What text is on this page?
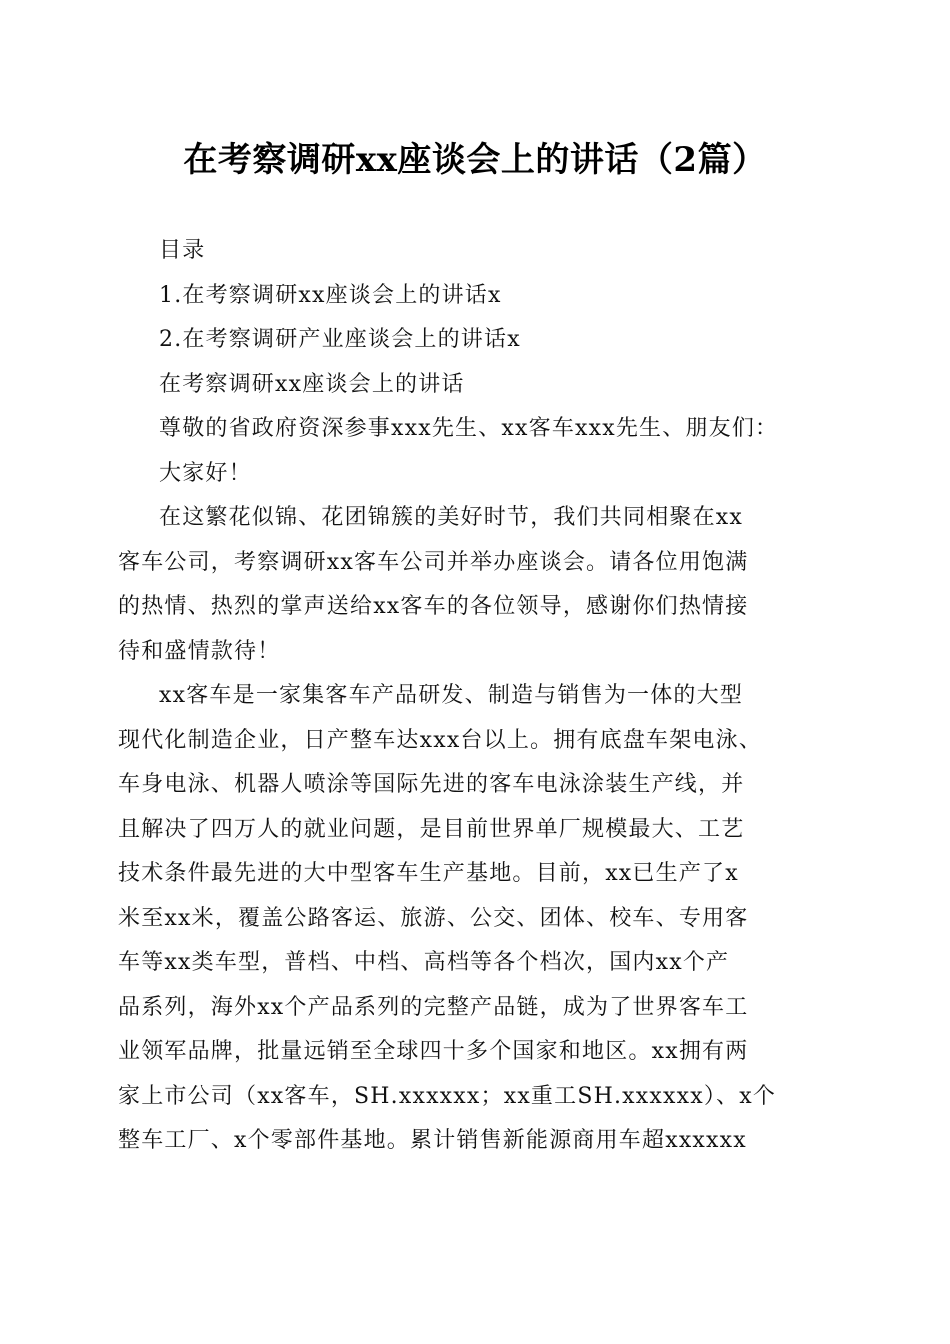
在考察调研xx座谈会上的讲话（2篇）
目录
1.在考察调研xx座谈会上的讲话x
2.在考察调研产业座谈会上的讲话x
在考察调研xx座谈会上的讲话
尊敬的省政府资深参事xxx先生、xx客车xxx先生、朋友们：
大家好！
在这繁花似锦、花团锦簇的美好时节，我们共同相聚在xx
客车公司，考察调研xx客车公司并举办座谈会。请各位用饱满
的热情、热烈的掌声送给xx客车的各位领导，感谢你们热情接
待和盛情款待！
xx客车是一家集客车产品研发、制造与销售为一体的大型
现代化制造企业，日产整车达xxx台以上。拥有底盘车架电泳、
车身电泳、机器人喷涂等国际先进的客车电泳涂装生产线，并
且解决了四万人的就业问题，是目前世界单厂规模最大、工艺
技术条件最先进的大中型客车生产基地。目前，xx已生产了x
米至xx米，覆盖公路客运、旅游、公交、团体、校车、专用客
车等xx类车型，普档、中档、高档等各个档次，国内xx个产
品系列，海外xx个产品系列的完整产品链，成为了世界客车工
业领军品牌，批量远销至全球四十多个国家和地区。xx拥有两
家上市公司（xx客车，SH.xxxxxx；xx重工SH.xxxxxx）、x个
整车工厂、x个零部件基地。累计销售新能源商用车超xxxxxx
